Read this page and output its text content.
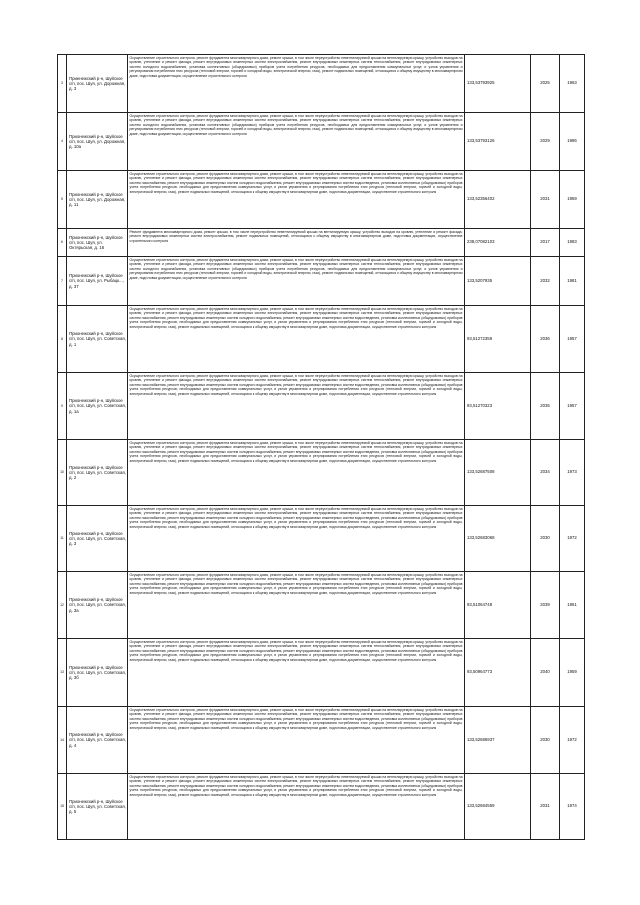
3	Приенежский р-н, Шуйское с/п, пос. Шуя, ул. Дорожная, д. 3	Осуществление строительного контроля, ремонт фундамента многоквартирного дома, ремонт крыши, в том числе переустройство невентилируемой крыши на вентилируемую крышу, устройство выходов на кровлю, утепление и ремонт фасада, ремонт внутридомовых инженерных систем электроснабжения, ремонт внутридомовых инженерных систем теплоснабжения, ремонт внутридомовых инженерных систем холодного водоснабжения, установка коллективных (общедомовых) приборов учета потребления ресурсов, необходимых для предоставления коммунальных услуг, и узлов управления и регулирования потребления этих ресурсов (тепловой энергии, горячей и холодной воды, электрической энергии, газа), ремонт подвальных помещений, относящихся к общему имуществу в многоквартирном доме, подготовка документации, осуществление строительного контроля	133,53793925	2025	1963
4	Прионежский р-н, Шуйское с/п, пос. Шуя, ул. Дорожная, д. 10а	Осуществление строительного контроля, ремонт фундамента многоквартирного дома, ремонт крыши, в том числе переустройство невентилируемой крыши на вентилируемую крышу, устройство выходов на кровлю, утепление и ремонт фасада, ремонт внутридомовых инженерных систем электроснабжения, ремонт внутридомовых инженерных систем теплоснабжения, ремонт внутридомовых инженерных систем холодного водоснабжения, установка коллективных (общедомовых) приборов учета потребления ресурсов, необходимых для предоставления коммунальных услуг, и узлов управления и регулирования потребления этих ресурсов (тепловой энергии, горячей и холодной воды, электрической энергии, газа), ремонт подвальных помещений, относящихся к общему имуществу в многоквартирном доме, подготовка документации, осуществление строительного контроля	133,53793126	2029	1986
5	Прионежский р-н, Шуйское с/п, пос. Шуя, ул. Дорожная, д. 11	Осуществление строительного контроля, ремонт фундамента многоквартирного дома, ремонт крыши, в том числе переустройство невентилируемой крыши на вентилируемую крышу, устройство выходов на кровлю, утепление и ремонт фасада, ремонт внутридомовых инженерных систем электроснабжения, ремонт внутридомовых инженерных систем теплоснабжения, ремонт внутридомовых инженерных систем газоснабжения, ремонт внутридомовых инженерных систем холодного водоснабжения, ремонт внутридомовых инженерных систем водоотведения, установка коллективных (общедомовых) приборов учета потребления ресурсов, необходимых для предоставления коммунальных услуг, и узлов управления и регулирования потребления этих ресурсов (тепловой энергии, горячей и холодной воды, электрической энергии, газа), ремонт подвальных помещений, относящихся к общему имуществу в многоквартирном доме, подготовка документации, осуществление строительного контроля	133,52356402	2031	1959
6	Прионежский р-н, Шуйское с/п, пос. Шуя, ул. Октярьская, д. 16	Ремонт фундамента многоквартирного дома, ремонт крыши, в том числе переустройство невентилируемой крыши на вентилируемую крышу, устройство выходов на кровлю, утепление и ремонт фасада, ремонт внутридомовых инженерных систем электроснабжения, ремонт подвальных помещений, относящихся к общему имуществу в многоквартирном доме, подготовка документации, осуществление строительного контроля	238,07082103	2017	1983
7	Прионежский р-н, Шуйское с/п, пос. Шуя, ул. Рыбацк..., д. 37	Осуществление строительного контроля, ремонт фундамента многоквартирного дома, ремонт крыши, в том числе переустройство невентилируемой крыши на вентилируемую крышу, устройство выходов на кровлю, утепление и ремонт фасада, ремонт внутридомовых инженерных систем электроснабжения, ремонт внутридомовых инженерных систем теплоснабжения, ремонт внутридомовых инженерных систем холодного водоснабжения, установка коллективных (общедомовых) приборов учета потребления ресурсов, необходимых для предоставления коммунальных услуг, и узлов управления и регулирования потребления этих ресурсов (тепловой энергии, горячей и холодной воды, электрической энергии, газа), ремонт подвальных помещений, относящихся к общему имуществу в многоквартирном доме, подготовка документации, осуществление строительного контроля	133,5207935	2032	1981
8	Прионежский р-н, Шуйское с/п, пос. Шуя, ул. Советская, д. 1	Осуществление строительного контроля, ремонт фундамента многоквартирного дома, ремонт крыши, в том числе переустройство невентилируемой крыши на вентилируемую крышу, устройство выходов на кровлю, утепление и ремонт фасада, ремонт внутридомовых инженерных систем электроснабжения, ремонт внутридомовых инженерных систем теплоснабжения, ремонт внутридомовых инженерных систем газоснабжения, ремонт внутридомовых инженерных систем холодного водоснабжения, ремонт внутридомовых инженерных систем водоотведения, установка коллективных (общедомовых) приборов учета потребления ресурсов, необходимых для предоставления коммунальных услуг, и узлов управления и регулирования потребления этих ресурсов (тепловой энергии, горячей и холодной воды, электрической энергии, газа), ремонт подвальных помещений, относящихся к общему имуществу в многоквартирном доме, подготовка документации, осуществление строительного контроля	93,51272359	2036	1957
9	Прионежский р-н, Шуйское с/п, пос. Шуя, ул. Советская, д. 1а	Осуществление строительного контроля, ремонт фундамента многоквартирного дома, ремонт крыши, в том числе переустройство невентилируемой крыши на вентилируемую крышу, устройство выходов на кровлю, утепление и ремонт фасада, ремонт внутридомовых инженерных систем электроснабжения, ремонт внутридомовых инженерных систем теплоснабжения, ремонт внутридомовых инженерных систем газоснабжения, ремонт внутридомовых инженерных систем холодного водоснабжения, ремонт внутридомовых инженерных систем водоотведения, установка коллективных (общедомовых) приборов учета потребления ресурсов, необходимых для предоставления коммунальных услуг, и узлов управления и регулирования потребления этих ресурсов (тепловой энергии, горячей и холодной воды, электрической энергии, газа), ремонт подвальных помещений, относящихся к общему имуществу в многоквартирном доме, подготовка документации, осуществление строительного контроля	93,51270323	2035	1957
10	Прионежский р-н, Шуйское с/п, пос. Шуя, ул. Советская, д. 2	Осуществление строительного контроля, ремонт фундамента многоквартирного дома, ремонт крыши, в том числе переустройство невентилируемой крыши на вентилируемую крышу, устройство выходов на кровлю, утепление и ремонт фасада, ремонт внутридомовых инженерных систем электроснабжения, ремонт внутридомовых инженерных систем теплоснабжения, ремонт внутридомовых инженерных систем газоснабжения, ремонт внутридомовых инженерных систем холодного водоснабжения, ремонт внутридомовых инженерных систем водоотведения, установка коллективных (общедомовых) приборов учета потребления ресурсов, необходимых для предоставления коммунальных услуг, и узлов управления и регулирования потребления этих ресурсов (тепловой энергии, горячей и холодной воды, электрической энергии, газа), ремонт подвальных помещений, относящихся к общему имуществу в многоквартирном доме, подготовка документации, осуществление строительного контроля	133,52687508	2034	1973
11	Прионежский р-н, Шуйское с/п, пос. Шуя, ул. Советская, д. 3	Осуществление строительного контроля, ремонт фундамента многоквартирного дома, ремонт крыши, в том числе переустройство невентилируемой крыши на вентилируемую крышу, устройство выходов на кровлю, утепление и ремонт фасада, ремонт внутридомовых инженерных систем электроснабжения, ремонт внутридомовых инженерных систем теплоснабжения, ремонт внутридомовых инженерных систем газоснабжения, ремонт внутридомовых инженерных систем холодного водоснабжения, ремонт внутридомовых инженерных систем водоотведения, установка коллективных (общедомовых) приборов учета потребления ресурсов, необходимых для предоставления коммунальных услуг, и узлов управления и регулирования потребления этих ресурсов (тепловой энергии, горячей и холодной воды, электрической энергии, газа), ремонт подвальных помещений, относящихся к общему имуществу в многоквартирном доме, подготовка документации, осуществление строительного контроля	133,52683068	2030	1972
12	Прионежский р-н, Шуйское с/п, пос. Шуя, ул. Советская, д. 3а	Осуществление строительного контроля, ремонт фундамента многоквартирного дома, ремонт крыши, в том числе переустройство невентилируемой крыши на вентилируемую крышу, устройство выходов на кровлю, утепление и ремонт фасада, ремонт внутридомовых инженерных систем электроснабжения, ремонт внутридомовых инженерных систем теплоснабжения, ремонт внутридомовых инженерных систем газоснабжения, ремонт внутридомовых инженерных систем холодного водоснабжения, ремонт внутридомовых инженерных систем водоотведения, установка коллективных (общедомовых) приборов учета потребления ресурсов, необходимых для предоставления коммунальных услуг, и узлов управления и регулирования потребления этих ресурсов (тепловой энергии, горячей и холодной воды, электрической энергии, газа), ремонт подвальных помещений, относящихся к общему имуществу в многоквартирном доме, подготовка документации, осуществление строительного контроля	93,51064748	2039	1951
13	Прионежский р-н, Шуйское с/п, пос. Шуя, ул. Советская, д. 3б	Осуществление строительного контроля, ремонт фундамента многоквартирного дома, ремонт крыши, в том числе переустройство невентилируемой крыши на вентилируемую крышу, устройство выходов на кровлю, утепление и ремонт фасада, ремонт внутридомовых инженерных систем электроснабжения, ремонт внутридомовых инженерных систем теплоснабжения, ремонт внутридомовых инженерных систем газоснабжения, ремонт внутридомовых инженерных систем холодного водоснабжения, ремонт внутридомовых инженерных систем водоотведения, установка коллективных (общедомовых) приборов учета потребления ресурсов, необходимых для предоставления коммунальных услуг, и узлов управления и регулирования потребления этих ресурсов (тепловой энергии, горячей и холодной воды, электрической энергии, газа), ремонт подвальных помещений, относящихся к общему имуществу в многоквартирном доме, подготовка документации, осуществление строительного контроля	93,50964773	2040	1959
14	Прионежский р-н, Шуйское с/п, пос. Шуя, ул. Советская, д. 4	Осуществление строительного контроля, ремонт фундамента многоквартирного дома, ремонт крыши, в том числе переустройство невентилируемой крыши на вентилируемую крышу, устройство выходов на кровлю, утепление и ремонт фасада, ремонт внутридомовых инженерных систем электроснабжения, ремонт внутридомовых инженерных систем теплоснабжения, ремонт внутридомовых инженерных систем газоснабжения, ремонт внутридомовых инженерных систем холодного водоснабжения, ремонт внутридомовых инженерных систем водоотведения, установка коллективных (общедомовых) приборов учета потребления ресурсов, необходимых для предоставления коммунальных услуг, и узлов управления и регулирования потребления этих ресурсов (тепловой энергии, горячей и холодной воды, электрической энергии, газа), ремонт подвальных помещений, относящихся к общему имуществу в многоквартирном доме, подготовка документации, осуществление строительного контроля	133,52686937	2030	1972
15	Прионежский р-н, Шуйское с/п, пос. Шуя, ул. Советская, д. 5	Осуществление строительного контроля, ремонт фундамента многоквартирного дома, ремонт крыши, в том числе переустройство невентилируемой крыши на вентилируемую крышу, устройство выходов на кровлю, утепление и ремонт фасада, ремонт внутридомовых инженерных систем электроснабжения, ремонт внутридомовых инженерных систем теплоснабжения, ремонт внутридомовых инженерных систем газоснабжения, ремонт внутридомовых инженерных систем холодного водоснабжения, ремонт внутридомовых инженерных систем водоотведения, установка коллективных (общедомовых) приборов учета потребления ресурсов, необходимых для предоставления коммунальных услуг, и узлов управления и регулирования потребления этих ресурсов (тепловой энергии, горячей и холодной воды, электрической энергии, газа), ремонт подвальных помещений, относящихся к общему имуществу в многоквартирном доме, подготовка документации, осуществление строительного контроля	133,52684559	2031	1974
